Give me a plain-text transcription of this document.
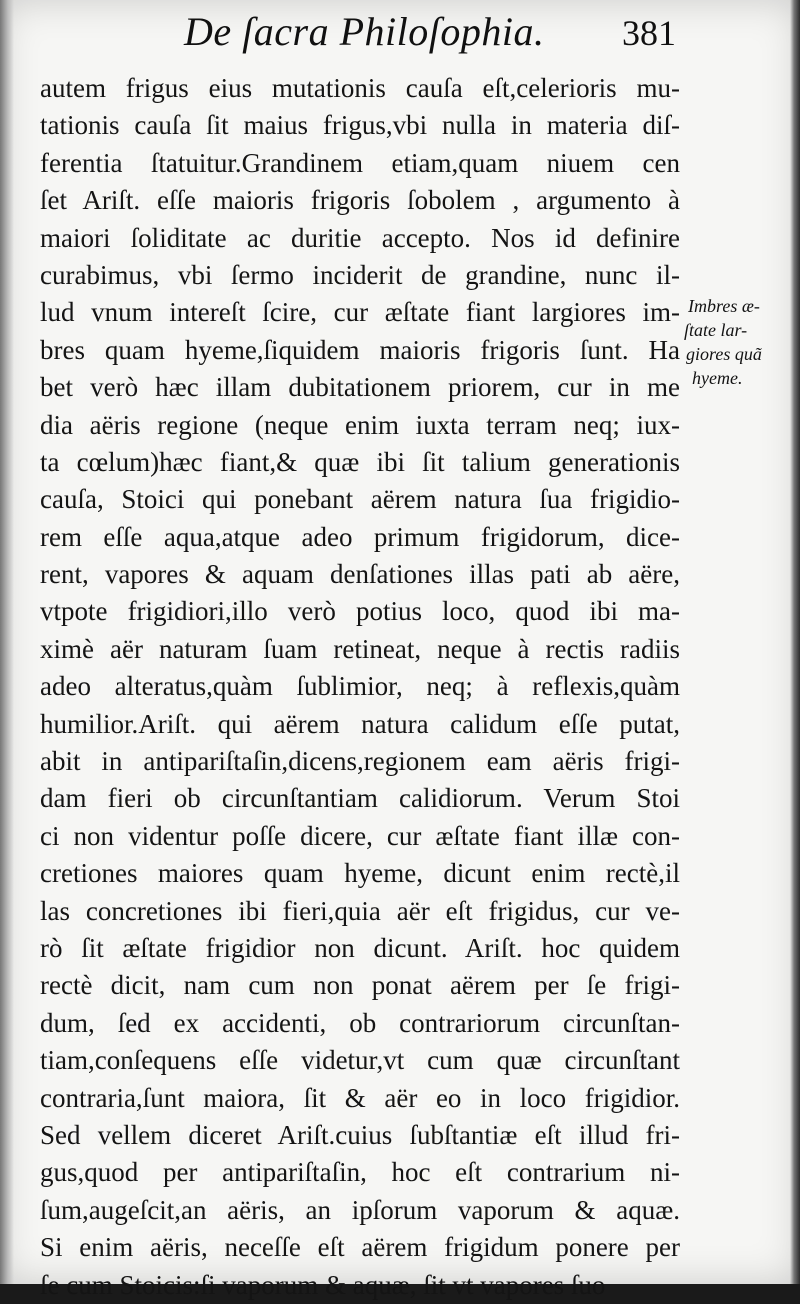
De ſacra Philoſophia. 381
autem frigus eius mutationis cauſa eſt,celerioris mu-
tationis cauſa ſit maius frigus,vbi nulla in materia diſ-
ferentia ſtatuitur.Grandinem etiam,quam niuem cen
ſet Ariſt. eſſe maioris frigoris ſobolem , argumento à
maiori ſoliditate ac duritie accepto. Nos id definire
curabimus, vbi ſermo inciderit de grandine, nunc il-
lud vnum intereſt ſcire, cur æſtate fiant largiores im-
bres quam hyeme,ſiquidem maioris frigoris ſunt. Ha
bet verò hæc illam dubitationem priorem, cur in me
dia aëris regione (neque enim iuxta terram neq; iux-
ta cœlum)hæc fiant,& quæ ibi ſit talium generationis
cauſa, Stoici qui ponebant aërem natura ſua frigidio-
rem eſſe aqua,atque adeo primum frigidorum, dice-
rent, vapores & aquam denſationes illas pati ab aëre,
vtpote frigidiori,illo verò potius loco, quod ibi ma-
ximè aër naturam ſuam retineat, neque à rectis radiis
adeo alteratus,quàm ſublimior, neq; à reflexis,quàm
humilior.Ariſt. qui aërem natura calidum eſſe putat,
abit in antipariſtaſin,dicens,regionem eam aëris frigi-
dam fieri ob circunſtantiam calidiorum. Verum Stoi
ci non videntur poſſe dicere, cur æſtate fiant illæ con-
cretiones maiores quam hyeme, dicunt enim rectè,il
las concretiones ibi fieri,quia aër eſt frigidus, cur ve-
rò ſit æſtate frigidior non dicunt. Ariſt. hoc quidem
rectè dicit, nam cum non ponat aërem per ſe frigi-
dum, ſed ex accidenti, ob contrariorum circunſtan-
tiam,conſequens eſſe videtur,vt cum quæ circunſtant
contraria,ſunt maiora, ſit & aër eo in loco frigidior.
Sed vellem diceret Ariſt.cuius ſubſtantiæ eſt illud fri-
gus,quod per antipariſtaſin, hoc eſt contrarium ni-
ſum,augeſcit,an aëris, an ipſorum vaporum & aquæ.
Si enim aëris, neceſſe eſt aërem frigidum ponere per
ſe cum Stoicis:ſi vaporum & aquæ, ſit vt vapores ſuo
Imbres æ-
ſtate lar-
giores quã
hyeme.
